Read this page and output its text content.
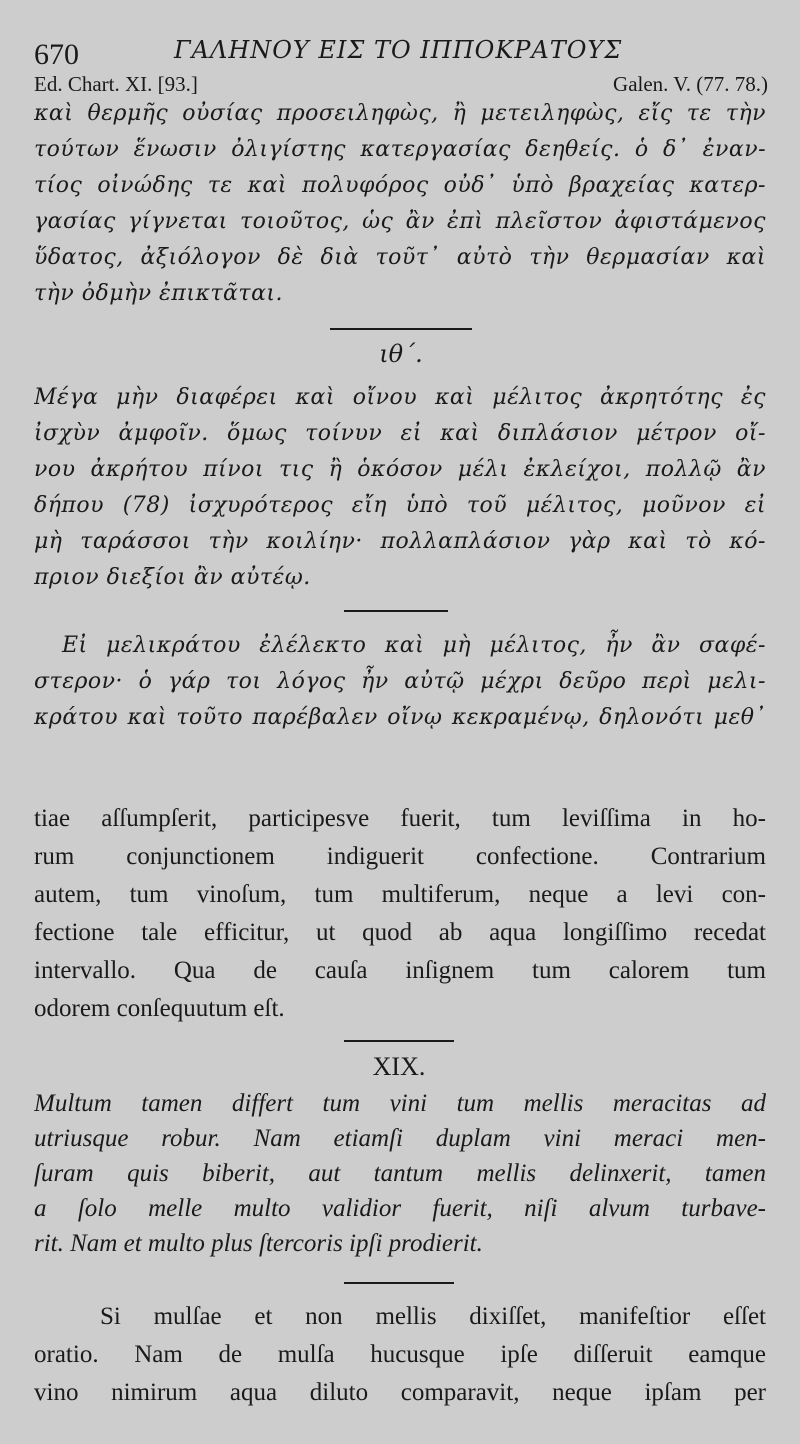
670	ΓΑΛΗΝΟΥ ΕΙΣ ΤΟ ΙΠΠΟΚΡΑΤΟΥΣ
Ed. Chart. XI. [93.]	Galen. V. (77. 78.)
καὶ θερμῆς οὐσίας προσειληφὼς, ἢ μετειληφὼς, εἴς τε τὴν
τούτων ἕνωσιν ὀλιγίστης κατεργασίας δεηθείς. ὁ δ᾽ ἐναν-
τίος οἰνώδης τε καὶ πολυφόρος οὐδ᾽ ὑπὸ βραχείας κατερ-
γασίας γίγνεται τοιοῦτος, ὡς ἂν ἐπὶ πλεῖστον ἀφιστάμενος
ὕδατος, ἀξιόλογον δὲ διὰ τοῦτ᾽ αὐτὸ τὴν θερμασίαν καὶ
τὴν ὀδμὴν ἐπικτᾶται.
ιθ΄.
Μέγα μὴν διαφέρει καὶ οἴνου καὶ μέλιτος ἀκρητότης ἐς
ἰσχὺν ἀμφοῖν. ὅμως τοίνυν εἰ καὶ διπλάσιον μέτρον οἴ-
νου ἀκρήτου πίνοι τις ἢ ὁκόσον μέλι ἐκλείχοι, πολλῷ ἂν
δήπου (78) ἰσχυρότερος εἴη ὑπὸ τοῦ μέλιτος, μοῦνον εἰ
μὴ ταράσσοι τὴν κοιλίην· πολλαπλάσιον γὰρ καὶ τὸ κό-
πριον διεξίοι ἂν αὐτέῳ.
Εἰ μελικράτου ἐλέλεκτο καὶ μὴ μέλιτος, ἦν ἂν σαφέ-
στερον· ὁ γάρ τοι λόγος ἦν αὐτῷ μέχρι δεῦρο περὶ μελι-
κράτου καὶ τοῦτο παρέβαλεν οἴνῳ κεκραμένῳ, δηλονότι μεθ᾽
tiae aſſumpſerit, participesve fuerit, tum leviſſima in ho-
rum conjunctionem indiguerit confectione. Contrarium
autem, tum vinoſum, tum multiferum, neque a levi con-
fectione tale efficitur, ut quod ab aqua longiſſimo recedat
intervallo. Qua de cauſa inſignem tum calorem tum
odorem conſequutum eſt.
XIX.
Multum tamen differt tum vini tum mellis meracitas ad
utriusque robur. Nam etiamſi duplam vini meraci men-
ſuram quis biberit, aut tantum mellis delinxerit, tamen
a ſolo melle multo validior fuerit, niſi alvum turbave-
rit. Nam et multo plus ſtercoris ipſi prodierit.
Si mulſae et non mellis dixiſſet, manifeſtior eſſet
oratio. Nam de mulſa hucusque ipſe diſſeruit eamque
vino nimirum aqua diluto comparavit, neque ipſam per
